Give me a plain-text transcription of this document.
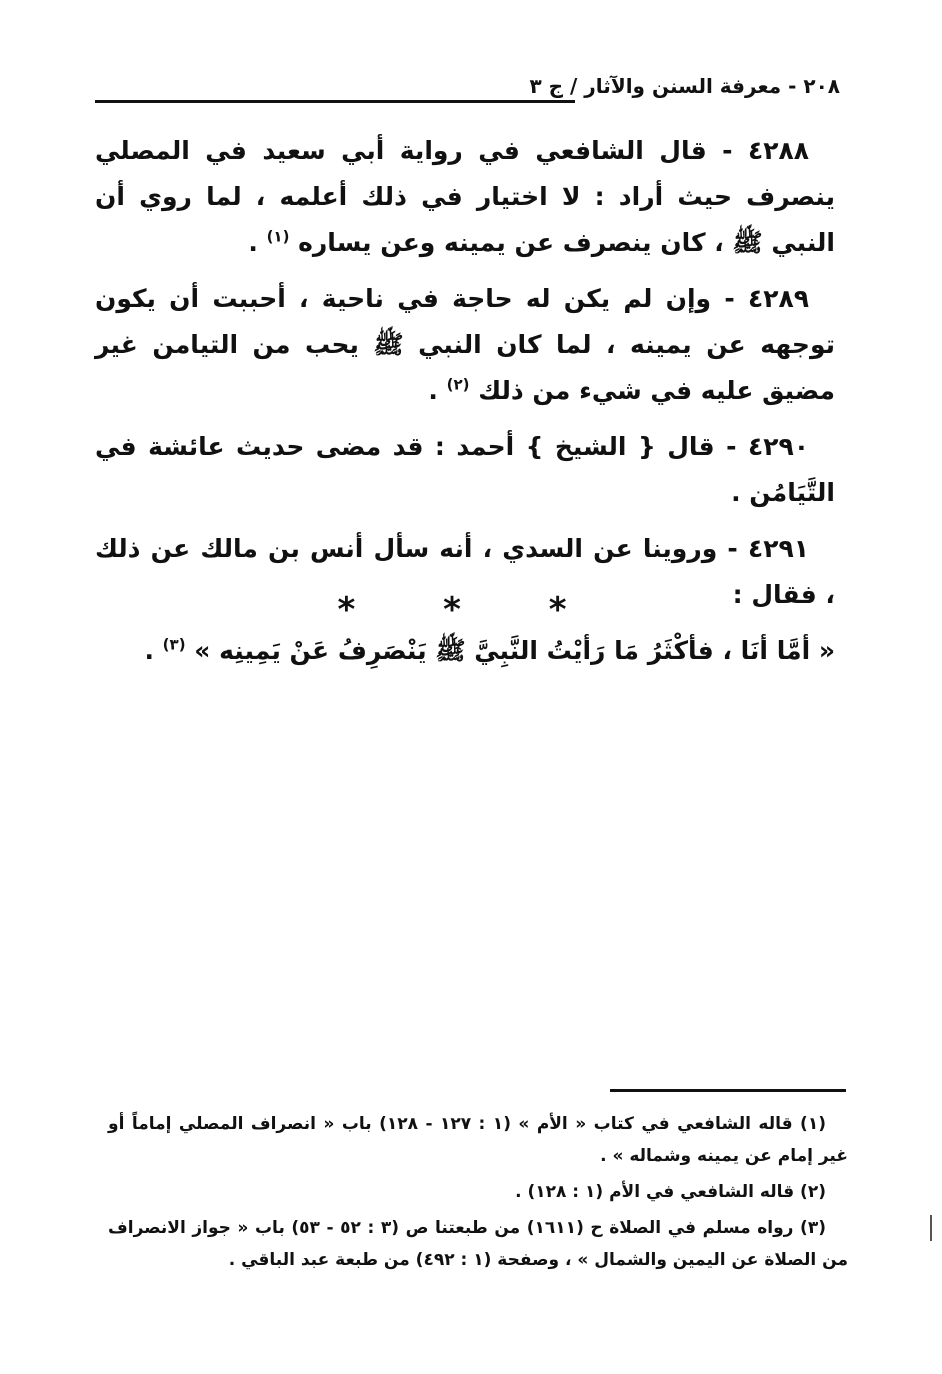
٢٠٨ - معرفة السنن والآثار / ج ٣

٤٢٨٨ - قال الشافعي في رواية أبي سعيد في المصلي ينصرف حيث أراد : لا اختيار في ذلك أعلمه ، لما روي أن النبي ﷺ ، كان ينصرف عن يمينه وعن يساره $^{(١)}$ .

٤٢٨٩ - وإن لم يكن له حاجة في ناحية ، أحببت أن يكون توجهه عن يمينه ، لما كان النبي ﷺ يحب من التيامن غير مضيق عليه في شيء من ذلك $^{(٢)}$ .

٤٢٩٠ - قال { الشيخ } أحمد : قد مضى حديث عائشة في التَّيَامُن .

٤٢٩١ - وروينا عن السدي ، أنه سأل أنس بن مالك عن ذلك ، فقال :

« أمَّا أنَا ، فأكْثَرُ مَا رَأيْتُ النَّبِيَّ ﷺ يَنْصَرِفُ عَنْ يَمِينِه » $^{(٣)}$ .

* * *

(١) قاله الشافعي في كتاب « الأم » (١ : ١٢٧ - ١٢٨) باب « انصراف المصلي إماماً أو غير إمام عن يمينه وشماله » .

(٢) قاله الشافعي في الأم (١ : ١٢٨) .

(٣) رواه مسلم في الصلاة ح (١٦١١) من طبعتنا ص (٣ : ٥٢ - ٥٣) باب « جواز الانصراف من الصلاة عن اليمين والشمال » ، وصفحة (١ : ٤٩٢) من طبعة عبد الباقي .
